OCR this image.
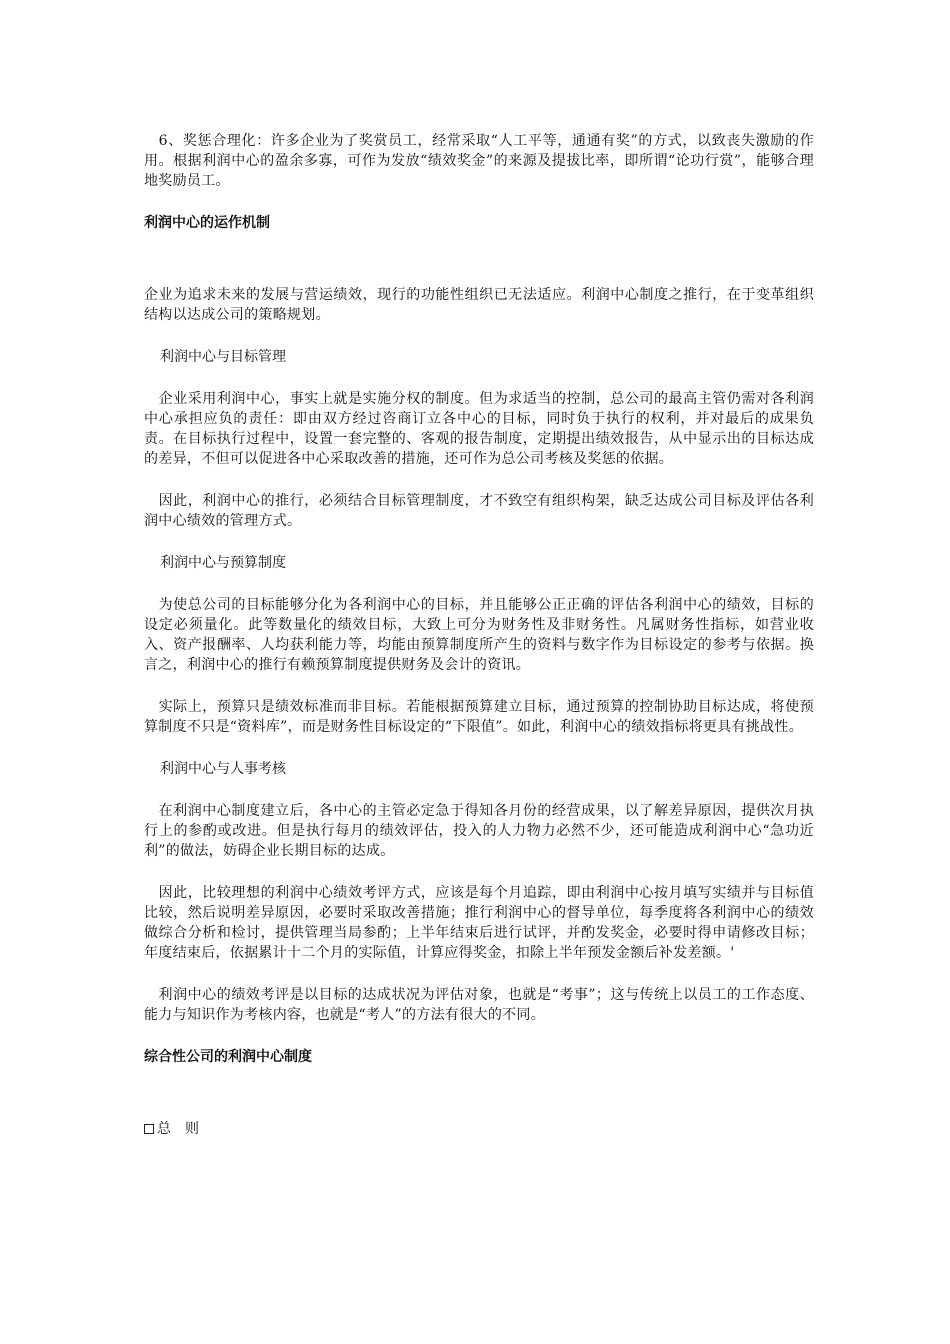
　6、奖惩合理化：许多企业为了奖赏员工，经常采取“人工平等，通通有奖”的方式，以致丧失激励的作用。根据利润中心的盈余多寡，可作为发放“绩效奖金”的来源及提拔比率，即所谓“论功行赏”，能够合理地奖励员工。

利润中心的运作机制

企业为追求未来的发展与营运绩效，现行的功能性组织已无法适应。利润中心制度之推行，在于变革组织结构以达成公司的策略规划。

利润中心与目标管理

　企业采用利润中心，事实上就是实施分权的制度。但为求适当的控制，总公司的最高主管仍需对各利润中心承担应负的责任：即由双方经过咨商订立各中心的目标，同时负于执行的权利，并对最后的成果负责。在目标执行过程中，设置一套完整的、客观的报告制度，定期提出绩效报告，从中显示出的目标达成的差异，不但可以促进各中心采取改善的措施，还可作为总公司考核及奖惩的依据。

　因此，利润中心的推行，必须结合目标管理制度，才不致空有组织构架，缺乏达成公司目标及评估各利润中心绩效的管理方式。

利润中心与预算制度

　为使总公司的目标能够分化为各利润中心的目标，并且能够公正正确的评估各利润中心的绩效，目标的设定必须量化。此等数量化的绩效目标，大致上可分为财务性及非财务性。凡属财务性指标，如营业收入、资产报酬率、人均获利能力等，均能由预算制度所产生的资料与数字作为目标设定的参考与依据。换言之，利润中心的推行有赖预算制度提供财务及会计的资讯。

　实际上，预算只是绩效标准而非目标。若能根据预算建立目标，通过预算的控制协助目标达成，将使预算制度不只是“资料库”，而是财务性目标设定的“下限值”。如此，利润中心的绩效指标将更具有挑战性。

利润中心与人事考核

　在利润中心制度建立后，各中心的主管必定急于得知各月份的经营成果，以了解差异原因，提供次月执行上的参酌或改进。但是执行每月的绩效评估，投入的人力物力必然不少，还可能造成利润中心“急功近利”的做法，妨碍企业长期目标的达成。

　因此，比较理想的利润中心绩效考评方式，应该是每个月追踪，即由利润中心按月填写实绩并与目标值比较，然后说明差异原因，必要时采取改善措施；推行利润中心的督导单位，每季度将各利润中心的绩效做综合分析和检讨，提供管理当局参酌；上半年结束后进行试评，并酌发奖金，必要时得申请修改目标；年度结束后，依据累计十二个月的实际值，计算应得奖金，扣除上半年预发金额后补发差额。'

　利润中心的绩效考评是以目标的达成状况为评估对象，也就是“考事”；这与传统上以员工的工作态度、能力与知识作为考核内容，也就是“考人”的方法有很大的不同。

综合性公司的利润中心制度

总　则
